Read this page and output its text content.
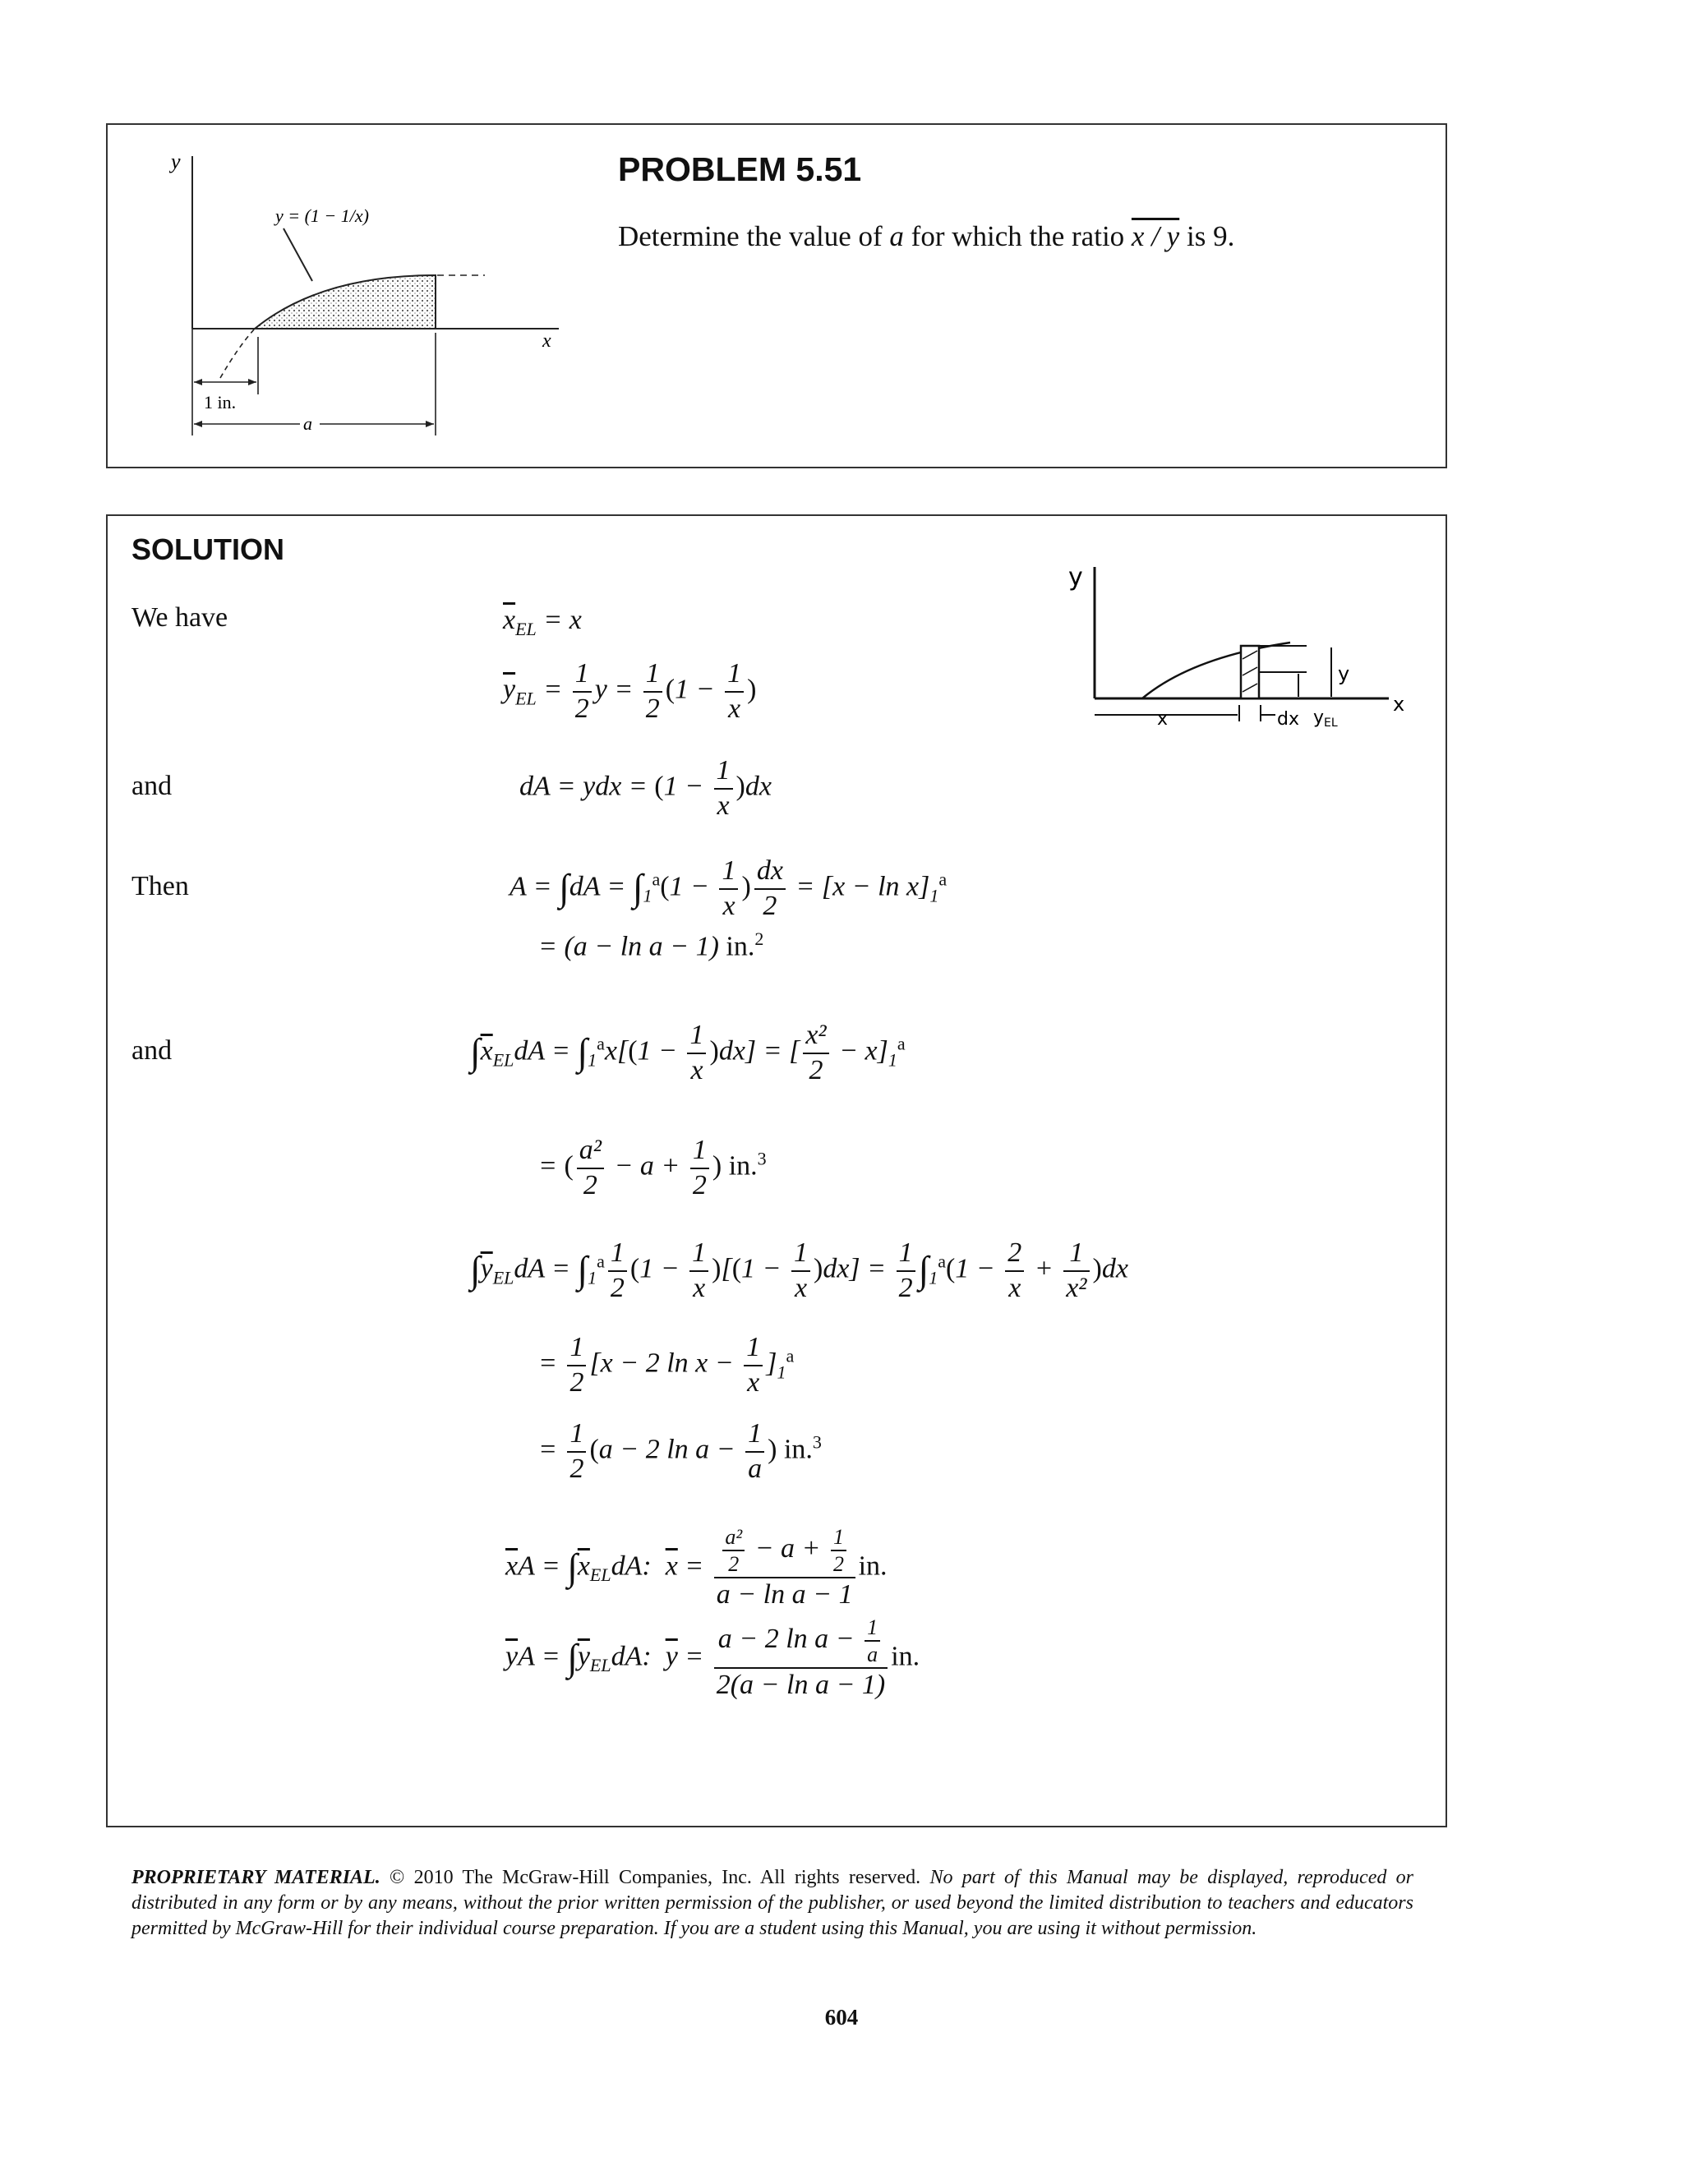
y
x
y = (1 − 1/x)
1 in.
a
PROBLEM 5.51
Determine the value of a for which the ratio x / y is 9.
SOLUTION
y
x
y
yEL
x	dx
We have
and
Then
and
$\overline{x}_{EL} = x$
$\overline{y}_{EL} = \frac{1}{2}$ $y = \frac{1}{2} (1 - \frac{1}{x}$ )
dA = ydx = $(1 - \frac{1}{x} )dx$
$A = \int dA = \int_1^a(1 - \frac{1}{x}$ ) $\frac{dx}{2} = [x - \ln x]_1^a$
= (a − ln a − 1) in.$^2$
$\int\overline{x}_{EL}dA = \int_1^ax[(1 - \frac{1}{x} )dx]$ = [ $\frac{\text{x²}}{2} - x]_1^a$
= ( $\frac{\text{a²}}{2} - a + \frac{1}{2}$ ) in.$^3$
$\int\overline{y}_{EL}dA = \int_1^a \frac{1}{2} (1 - \frac{1}{x} )[(1 - \frac{1}{x} )dx] = \frac{1}{2} \int_1^a(1 - \frac{2}{x} + \frac{1}{\text{x²}} )dx$
= $\frac{1}{2} [x - 2$ $\ln x - \frac{1}{x} ]_1^a$
= $\frac{1}{2} (a - 2$ $\ln a - \frac{1}{a}$ ) in.$^3$
$\overline{x}A = \int\overline{x}_{EL}dA$:  $\overline{x} = \frac{\frac{\text{a²}}{2} - a + \frac{1}{2}}{\text{a − ln a − 1}}$ in.
$\overline{y}A = \int\overline{y}_{EL}dA$:  $\overline{y} = \frac{a - 2 \ln a - \frac{1}{a}}{\text{2(a − ln a − 1)}}$ in.
PROPRIETARY MATERIAL. © 2010 The McGraw-Hill Companies, Inc. All rights reserved. No part of this Manual may be displayed, reproduced or distributed in any form or by any means, without the prior written permission of the publisher, or used beyond the limited distribution to teachers and educators permitted by McGraw-Hill for their individual course preparation. If you are a student using this Manual, you are using it without permission.
604
